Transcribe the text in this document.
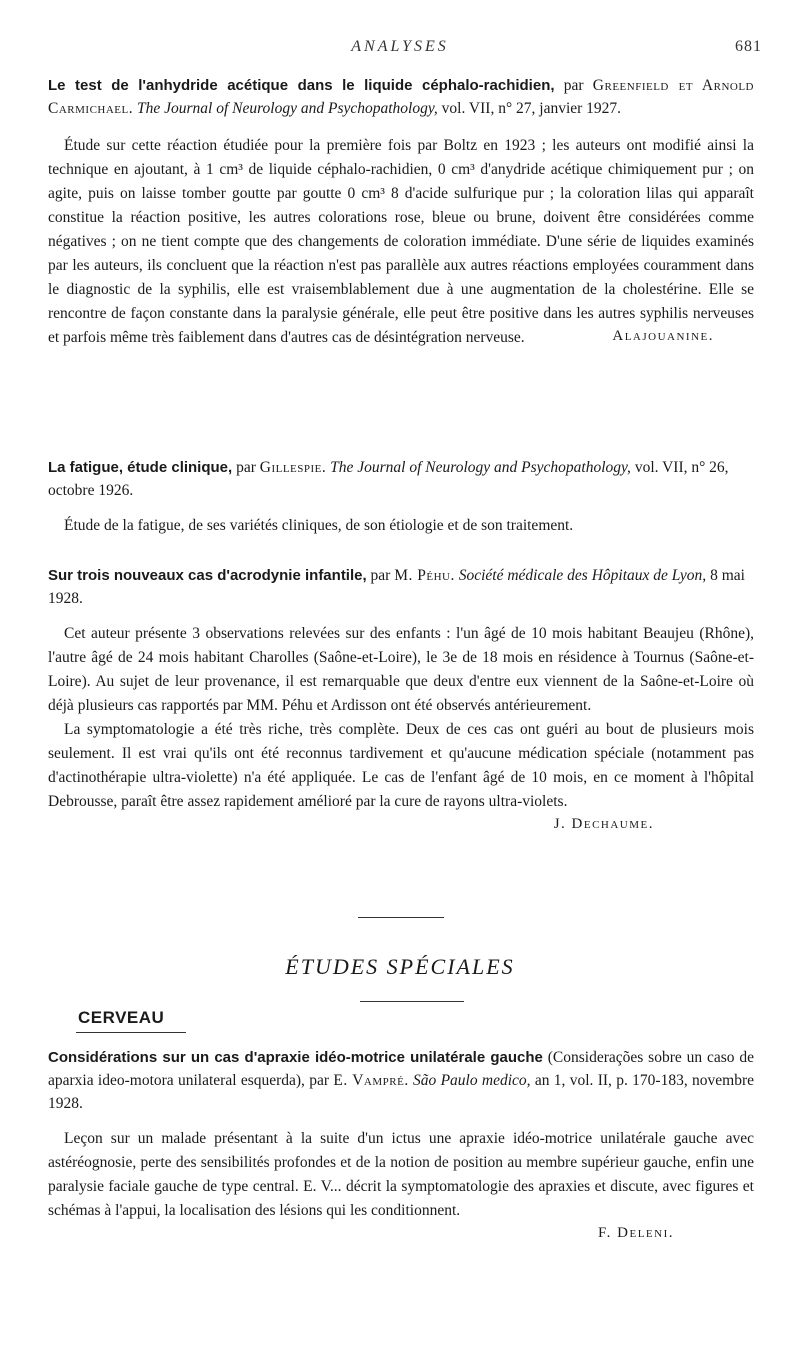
ANALYSES	681
Le test de l'anhydride acétique dans le liquide céphalo-rachidien, par Greenfield et Arnold Carmichael. The Journal of Neurology and Psychopathology, vol. VII, n° 27, janvier 1927.

Étude sur cette réaction étudiée pour la première fois par Boltz en 1923 ; les auteurs ont modifié ainsi la technique en ajoutant, à 1 cm³ de liquide céphalo-rachidien, 0 cm³ d'anydride acétique chimiquement pur ; on agite, puis on laisse tomber goutte par goutte 0 cm³ 8 d'acide sulfurique pur ; la coloration lilas qui apparaît constitue la réaction positive, les autres colorations rose, bleue ou brune, doivent être considérées comme négatives ; on ne tient compte que des changements de coloration immédiate. D'une série de liquides examinés par les auteurs, ils concluent que la réaction n'est pas parallèle aux autres réactions employées couramment dans le diagnostic de la syphilis, elle est vraisemblablement due à une augmentation de la cholestérine. Elle se rencontre de façon constante dans la paralysie générale, elle peut être positive dans les autres syphilis nerveuses et parfois même très faiblement dans d'autres cas de désintégration nerveuse.	Alajouanine.
La fatigue, étude clinique, par Gillespie. The Journal of Neurology and Psychopathology, vol. VII, n° 26, octobre 1926.

Étude de la fatigue, de ses variétés cliniques, de son étiologie et de son traitement.

Sur trois nouveaux cas d'acrodynie infantile, par M. Péhu. Société médicale des Hôpitaux de Lyon, 8 mai 1928.

Cet auteur présente 3 observations relevées sur des enfants : l'un âgé de 10 mois habitant Beaujeu (Rhône), l'autre âgé de 24 mois habitant Charolles (Saône-et-Loire), le 3e de 18 mois en résidence à Tournus (Saône-et-Loire). Au sujet de leur provenance, il est remarquable que deux d'entre eux viennent de la Saône-et-Loire où déjà plusieurs cas rapportés par MM. Péhu et Ardisson ont été observés antérieurement.

La symptomatologie a été très riche, très complète. Deux de ces cas ont guéri au bout de plusieurs mois seulement. Il est vrai qu'ils ont été reconnus tardivement et qu'aucune médication spéciale (notamment pas d'actinothérapie ultra-violette) n'a été appliquée. Le cas de l'enfant âgé de 10 mois, en ce moment à l'hôpital Debrousse, paraît être assez rapidement amélioré par la cure de rayons ultra-violets.

J. Dechaume.
ÉTUDES SPÉCIALES
CERVEAU
Considérations sur un cas d'apraxie idéo-motrice unilatérale gauche (Considerações sobre un caso de aparxia ideo-motora unilateral esquerda), par E. Vampré. São Paulo medico, an 1, vol. II, p. 170-183, novembre 1928.

Leçon sur un malade présentant à la suite d'un ictus une apraxie idéo-motrice unilatérale gauche avec astéréognosie, perte des sensibilités profondes et de la notion de position au membre supérieur gauche, enfin une paralysie faciale gauche de type central. E. V... décrit la symptomatologie des apraxies et discute, avec figures et schémas à l'appui, la localisation des lésions qui les conditionnent.

F. Deleni.
